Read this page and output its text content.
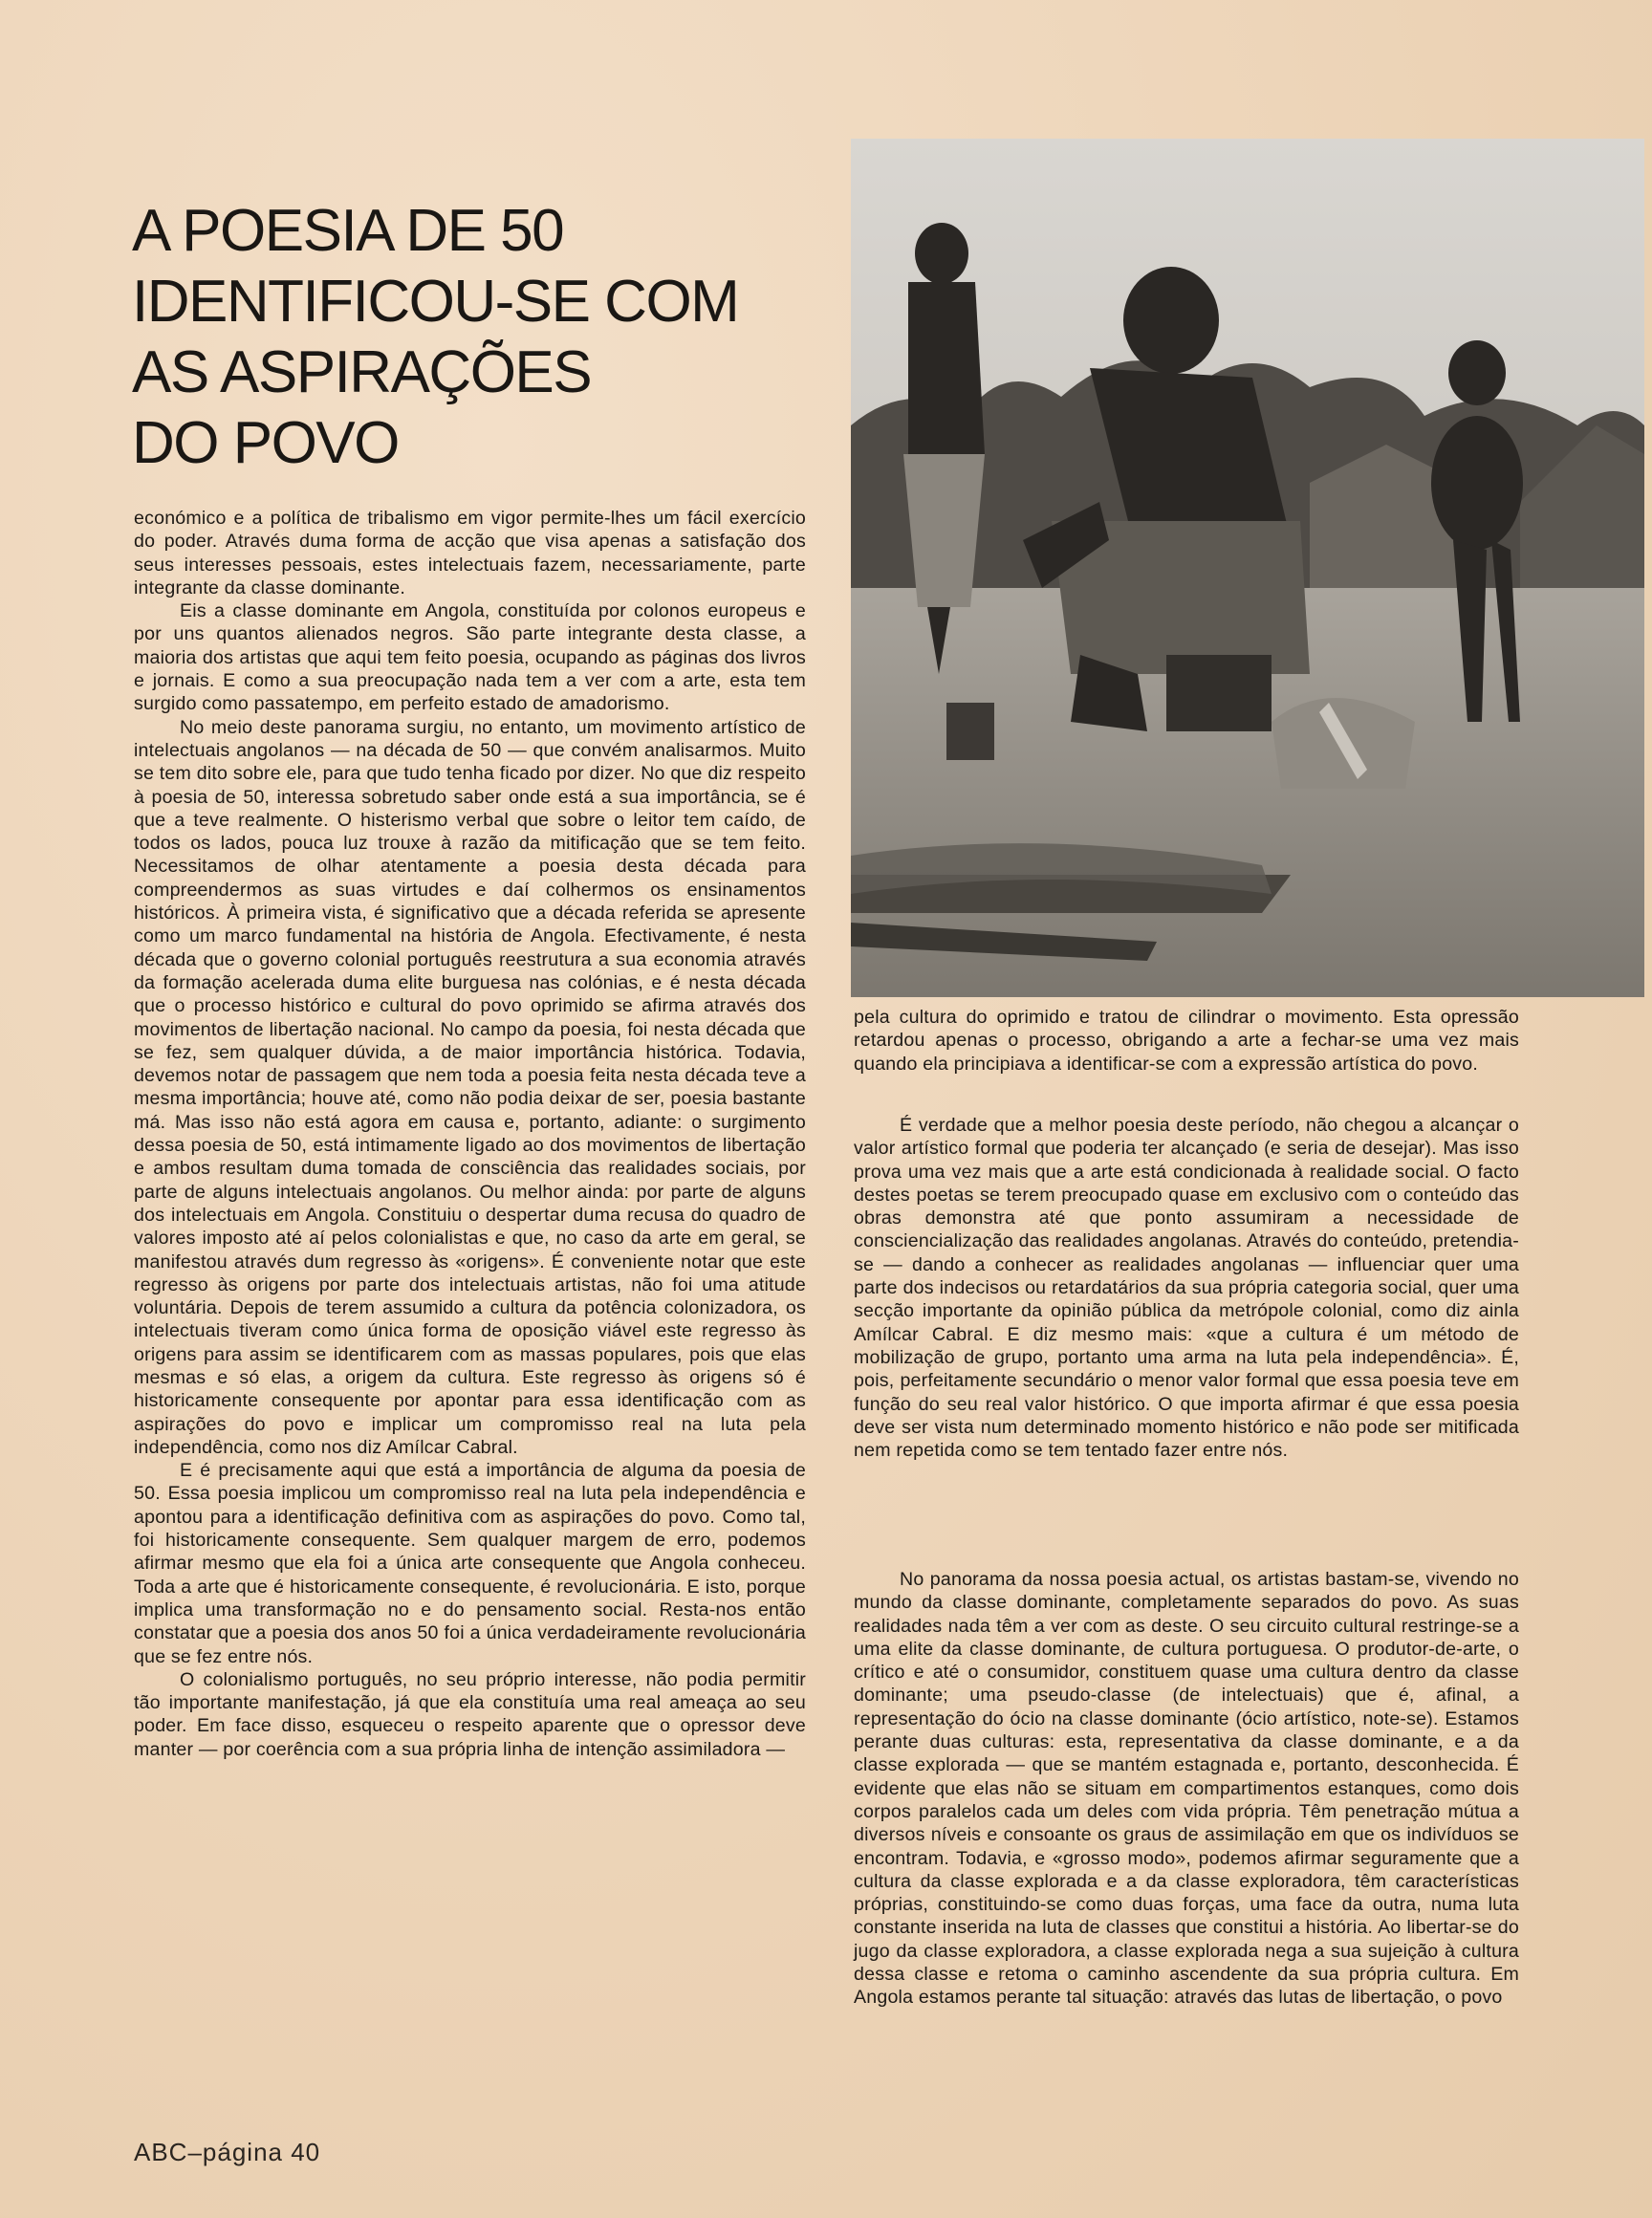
A POESIA DE 50
IDENTIFICOU-SE COM
AS ASPIRAÇÕES
DO POVO

económico e a política de tribalismo em vigor permite-lhes um fácil exercício do poder. Através duma forma de acção que visa apenas a satisfação dos seus interesses pessoais, estes intelectuais fazem, necessariamente, parte integrante da classe dominante.

Eis a classe dominante em Angola, constituída por colonos europeus e por uns quantos alienados negros. São parte integrante desta classe, a maioria dos artistas que aqui tem feito poesia, ocupando as páginas dos livros e jornais. E como a sua preocupação nada tem a ver com a arte, esta tem surgido como passatempo, em perfeito estado de amadorismo.

No meio deste panorama surgiu, no entanto, um movimento artístico de intelectuais angolanos — na década de 50 — que convém analisarmos. Muito se tem dito sobre ele, para que tudo tenha ficado por dizer. No que diz respeito à poesia de 50, interessa sobretudo saber onde está a sua importância, se é que a teve realmente. O histerismo verbal que sobre o leitor tem caído, de todos os lados, pouca luz trouxe à razão da mitificação que se tem feito. Necessitamos de olhar atentamente a poesia desta década para compreendermos as suas virtudes e daí colhermos os ensinamentos históricos. À primeira vista, é significativo que a década referida se apresente como um marco fundamental na história de Angola. Efectivamente, é nesta década que o governo colonial português reestrutura a sua economia através da formação acelerada duma elite burguesa nas colónias, e é nesta década que o processo histórico e cultural do povo oprimido se afirma através dos movimentos de libertação nacional. No campo da poesia, foi nesta década que se fez, sem qualquer dúvida, a de maior importância histórica. Todavia, devemos notar de passagem que nem toda a poesia feita nesta década teve a mesma importância; houve até, como não podia deixar de ser, poesia bastante má. Mas isso não está agora em causa e, portanto, adiante: o surgimento dessa poesia de 50, está intimamente ligado ao dos movimentos de libertação e ambos resultam duma tomada de consciência das realidades sociais, por parte de alguns intelectuais angolanos. Ou melhor ainda: por parte de alguns dos intelectuais em Angola. Constituiu o despertar duma recusa do quadro de valores imposto até aí pelos colonialistas e que, no caso da arte em geral, se manifestou através dum regresso às «origens». É conveniente notar que este regresso às origens por parte dos intelectuais artistas, não foi uma atitude voluntária. Depois de terem assumido a cultura da potência colonizadora, os intelectuais tiveram como única forma de oposição viável este regresso às origens para assim se identificarem com as massas populares, pois que elas mesmas e só elas, a origem da cultura. Este regresso às origens só é historicamente consequente por apontar para essa identificação com as aspirações do povo e implicar um compromisso real na luta pela independência, como nos diz Amílcar Cabral.

E é precisamente aqui que está a importância de alguma da poesia de 50. Essa poesia implicou um compromisso real na luta pela independência e apontou para a identificação definitiva com as aspirações do povo. Como tal, foi historicamente consequente. Sem qualquer margem de erro, podemos afirmar mesmo que ela foi a única arte consequente que Angola conheceu. Toda a arte que é historicamente consequente, é revolucionária. E isto, porque implica uma transformação no e do pensamento social. Resta-nos então constatar que a poesia dos anos 50 foi a única verdadeiramente revolucionária que se fez entre nós.

O colonialismo português, no seu próprio interesse, não podia permitir tão importante manifestação, já que ela constituía uma real ameaça ao seu poder. Em face disso, esqueceu o respeito aparente que o opressor deve manter — por coerência com a sua própria linha de intenção assimiladora —

pela cultura do oprimido e tratou de cilindrar o movimento. Esta opressão retardou apenas o processo, obrigando a arte a fechar-se uma vez mais quando ela principiava a identificar-se com a expressão artística do povo.

É verdade que a melhor poesia deste período, não chegou a alcançar o valor artístico formal que poderia ter alcançado (e seria de desejar). Mas isso prova uma vez mais que a arte está condicionada à realidade social. O facto destes poetas se terem preocupado quase em exclusivo com o conteúdo das obras demonstra até que ponto assumiram a necessidade de consciencialização das realidades angolanas. Através do conteúdo, pretendia-se — dando a conhecer as realidades angolanas — influenciar quer uma parte dos indecisos ou retardatários da sua própria categoria social, quer uma secção importante da opinião pública da metrópole colonial, como diz ainla Amílcar Cabral. E diz mesmo mais: «que a cultura é um método de mobilização de grupo, portanto uma arma na luta pela independência». É, pois, perfeitamente secundário o menor valor formal que essa poesia teve em função do seu real valor histórico. O que importa afirmar é que essa poesia deve ser vista num determinado momento histórico e não pode ser mitificada nem repetida como se tem tentado fazer entre nós.

No panorama da nossa poesia actual, os artistas bastam-se, vivendo no mundo da classe dominante, completamente separados do povo. As suas realidades nada têm a ver com as deste. O seu circuito cultural restringe-se a uma elite da classe dominante, de cultura portuguesa. O produtor-de-arte, o crítico e até o consumidor, constituem quase uma cultura dentro da classe dominante; uma pseudo-classe (de intelectuais) que é, afinal, a representação do ócio na classe dominante (ócio artístico, note-se). Estamos perante duas culturas: esta, representativa da classe dominante, e a da classe explorada — que se mantém estagnada e, portanto, desconhecida. É evidente que elas não se situam em compartimentos estanques, como dois corpos paralelos cada um deles com vida própria. Têm penetração mútua a diversos níveis e consoante os graus de assimilação em que os indivíduos se encontram. Todavia, e «grosso modo», podemos afirmar seguramente que a cultura da classe explorada e a da classe exploradora, têm características próprias, constituindo-se como duas forças, uma face da outra, numa luta constante inserida na luta de classes que constitui a história. Ao libertar-se do jugo da classe exploradora, a classe explorada nega a sua sujeição à cultura dessa classe e retoma o caminho ascendente da sua própria cultura. Em Angola estamos perante tal situação: através das lutas de libertação, o povo

ABC–página 40
